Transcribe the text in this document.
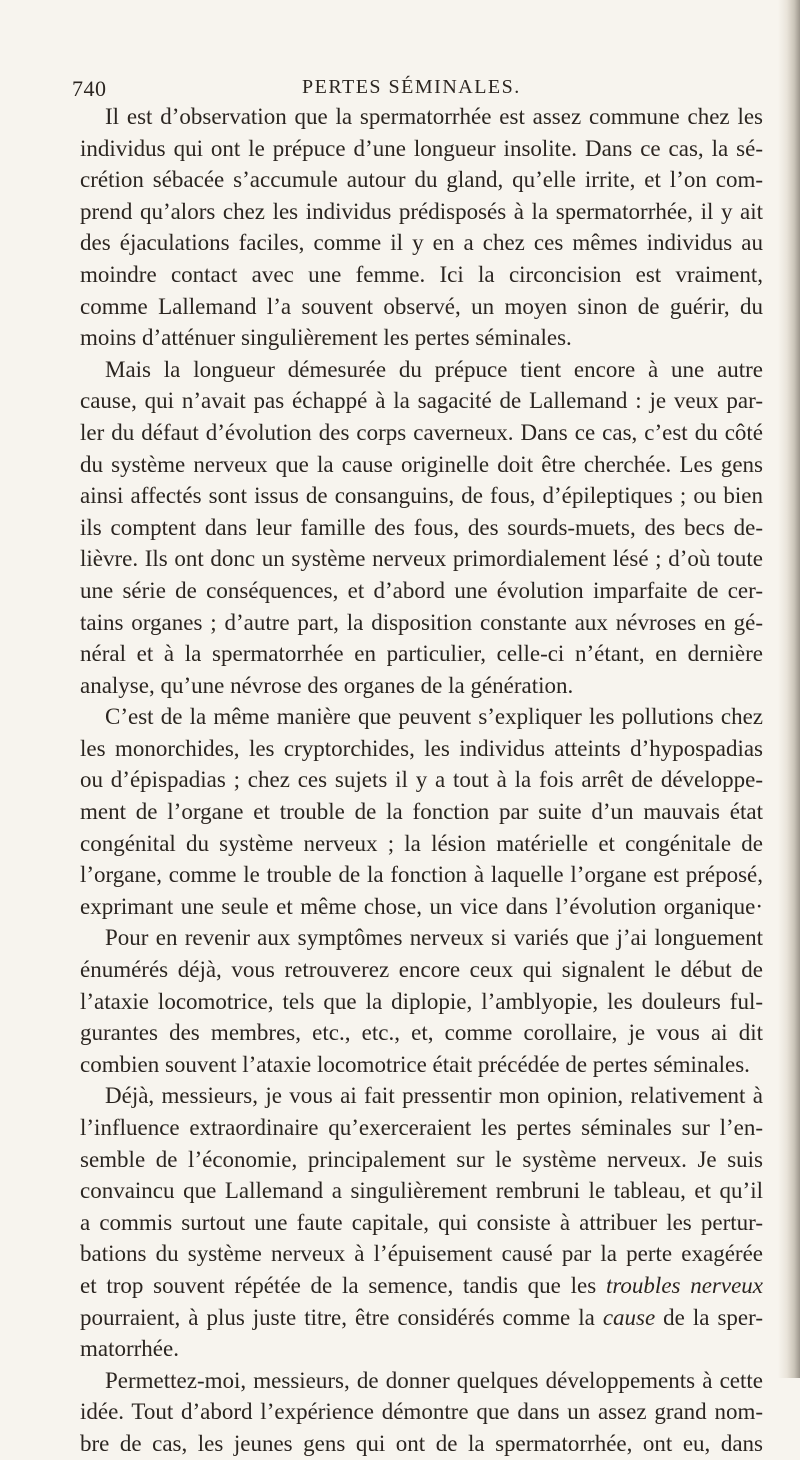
740	PERTES SÉMINALES.
Il est d’observation que la spermatorrhée est assez commune chez les
individus qui ont le prépuce d’une longueur insolite. Dans ce cas, la sé-
crétion sébacée s’accumule autour du gland, qu’elle irrite, et l’on com-
prend qu’alors chez les individus prédisposés à la spermatorrhée, il y ait
des éjaculations faciles, comme il y en a chez ces mêmes individus au
moindre contact avec une femme. Ici la circoncision est vraiment,
comme Lallemand l’a souvent observé, un moyen sinon de guérir, du
moins d’atténuer singulièrement les pertes séminales.
Mais la longueur démesurée du prépuce tient encore à une autre
cause, qui n’avait pas échappé à la sagacité de Lallemand : je veux par-
ler du défaut d’évolution des corps caverneux. Dans ce cas, c’est du côté
du système nerveux que la cause originelle doit être cherchée. Les gens
ainsi affectés sont issus de consanguins, de fous, d’épileptiques ; ou bien
ils comptent dans leur famille des fous, des sourds-muets, des becs de-
lièvre. Ils ont donc un système nerveux primordialement lésé ; d’où toute
une série de conséquences, et d’abord une évolution imparfaite de cer-
tains organes ; d’autre part, la disposition constante aux névroses en gé-
néral et à la spermatorrhée en particulier, celle-ci n’étant, en dernière
analyse, qu’une névrose des organes de la génération.
C’est de la même manière que peuvent s’expliquer les pollutions chez
les monorchides, les cryptorchides, les individus atteints d’hypospadias
ou d’épispadias ; chez ces sujets il y a tout à la fois arrêt de développe-
ment de l’organe et trouble de la fonction par suite d’un mauvais état
congénital du système nerveux ; la lésion matérielle et congénitale de
l’organe, comme le trouble de la fonction à laquelle l’organe est préposé,
exprimant une seule et même chose, un vice dans l’évolution organique·
Pour en revenir aux symptômes nerveux si variés que j’ai longuement
énumérés déjà, vous retrouverez encore ceux qui signalent le début de
l’ataxie locomotrice, tels que la diplopie, l’amblyopie, les douleurs ful-
gurantes des membres, etc., etc., et, comme corollaire, je vous ai dit
combien souvent l’ataxie locomotrice était précédée de pertes séminales.
Déjà, messieurs, je vous ai fait pressentir mon opinion, relativement à
l’influence extraordinaire qu’exerceraient les pertes séminales sur l’en-
semble de l’économie, principalement sur le système nerveux. Je suis
convaincu que Lallemand a singulièrement rembruni le tableau, et qu’il
a commis surtout une faute capitale, qui consiste à attribuer les pertur-
bations du système nerveux à l’épuisement causé par la perte exagérée
et trop souvent répétée de la semence, tandis que les troubles nerveux
pourraient, à plus juste titre, être considérés comme la cause de la sper-
matorrhée.
Permettez-moi, messieurs, de donner quelques développements à cette
idée. Tout d’abord l’expérience démontre que dans un assez grand nom-
bre de cas, les jeunes gens qui ont de la spermatorrhée, ont eu, dans
